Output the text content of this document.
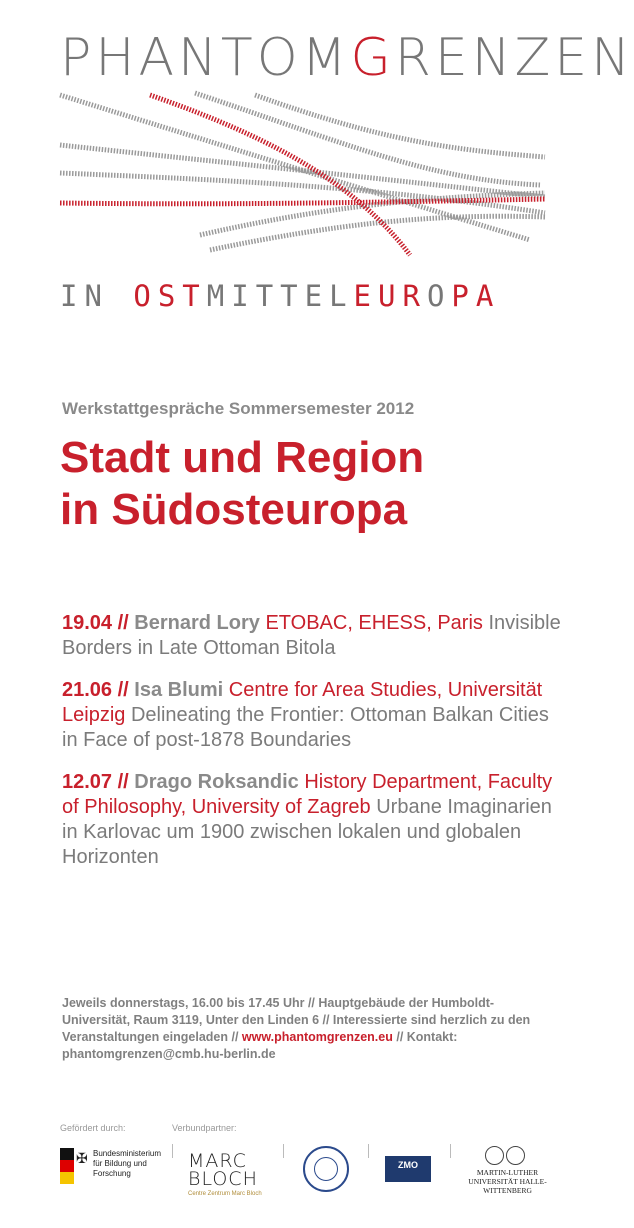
PHANTOMGRENZEN
IN OSTMITTELEUROPA
Werkstattgespräche Sommersemester 2012
Stadt und Region
in Südosteuropa

19.04 // Bernard Lory ETOBAC, EHESS, Paris Invisible Borders in Late Ottoman Bitola

21.06 // Isa Blumi Centre for Area Studies, Universität Leipzig Delineating the Frontier: Ottoman Balkan Cities in Face of post-1878 Boundaries

12.07 // Drago Roksandic History Department, Faculty of Philosophy, University of Zagreb Urbane Imaginarien in Karlovac um 1900 zwischen lokalen und globalen Horizonten

Jeweils donnerstags, 16.00 bis 17.45 Uhr // Hauptgebäude der Humboldt-Universität, Raum 3119, Unter den Linden 6 // Interessierte sind herzlich zu den Veranstaltungen eingeladen // www.phantomgrenzen.eu // Kontakt: phantomgrenzen@cmb.hu-berlin.de
Gefördert durch:	Verbundpartner:
✠ Bundesministerium für Bildung und Forschung
MARC
BLOCH
Centre Zentrum Marc Bloch
ZMO
MARTIN-LUTHER UNIVERSITÄT HALLE-WITTENBERG
